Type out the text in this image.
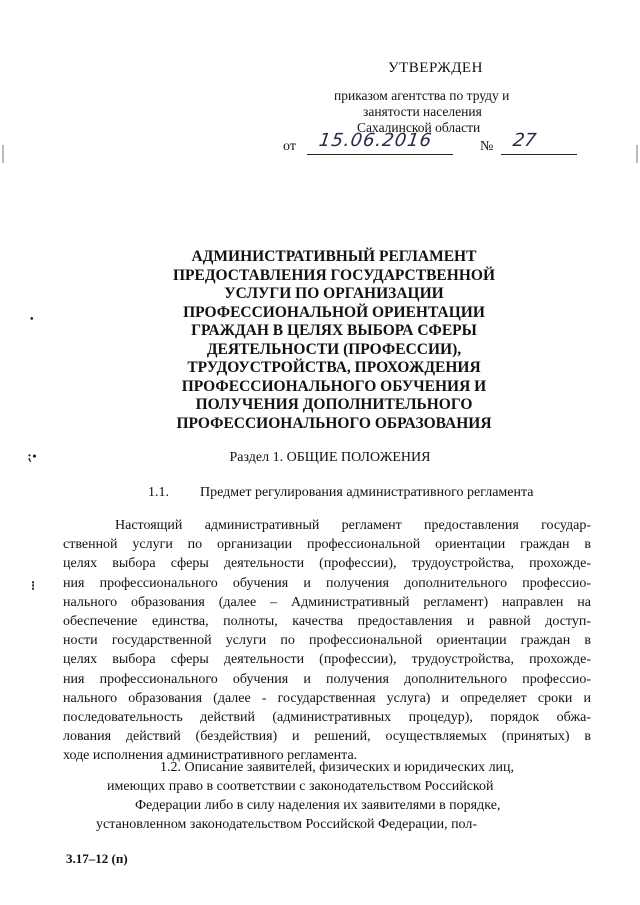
УТВЕРЖДЕН
приказом агентства по труду и
занятости населения
Сахалинской области
от 15.06.2016	№ 27
АДМИНИСТРАТИВНЫЙ РЕГЛАМЕНТ
ПРЕДОСТАВЛЕНИЯ ГОСУДАРСТВЕННОЙ
УСЛУГИ ПО ОРГАНИЗАЦИИ
ПРОФЕССИОНАЛЬНОЙ ОРИЕНТАЦИИ
ГРАЖДАН В ЦЕЛЯХ ВЫБОРА СФЕРЫ
ДЕЯТЕЛЬНОСТИ (ПРОФЕССИИ),
ТРУДОУСТРОЙСТВА, ПРОХОЖДЕНИЯ
ПРОФЕССИОНАЛЬНОГО ОБУЧЕНИЯ И
ПОЛУЧЕНИЯ ДОПОЛНИТЕЛЬНОГО
ПРОФЕССИОНАЛЬНОГО ОБРАЗОВАНИЯ
Раздел 1. ОБЩИЕ ПОЛОЖЕНИЯ
1.1. Предмет регулирования административного регламента
Настоящий административный регламент предоставления государ-
ственной услуги по организации профессиональной ориентации граждан в
целях выбора сферы деятельности (профессии), трудоустройства, прохожде-
ния профессионального обучения и получения дополнительного профессио-
нального образования (далее – Административный регламент) направлен на
обеспечение единства, полноты, качества предоставления и равной доступ-
ности государственной услуги по профессиональной ориентации граждан в
целях выбора сферы деятельности (профессии), трудоустройства, прохожде-
ния профессионального обучения и получения дополнительного профессио-
нального образования (далее - государственная услуга) и определяет сроки и
последовательность действий (административных процедур), порядок обжа-
лования действий (бездействия) и решений, осуществляемых (принятых) в
ходе исполнения административного регламента.
1.2. Описание заявителей, физических и юридических лиц,
имеющих право в соответствии с законодательством Российской
Федерации либо в силу наделения их заявителями в порядке,
установленном законодательством Российской Федерации, пол-
3.17–12 (п)
•
⁏•
⁝
